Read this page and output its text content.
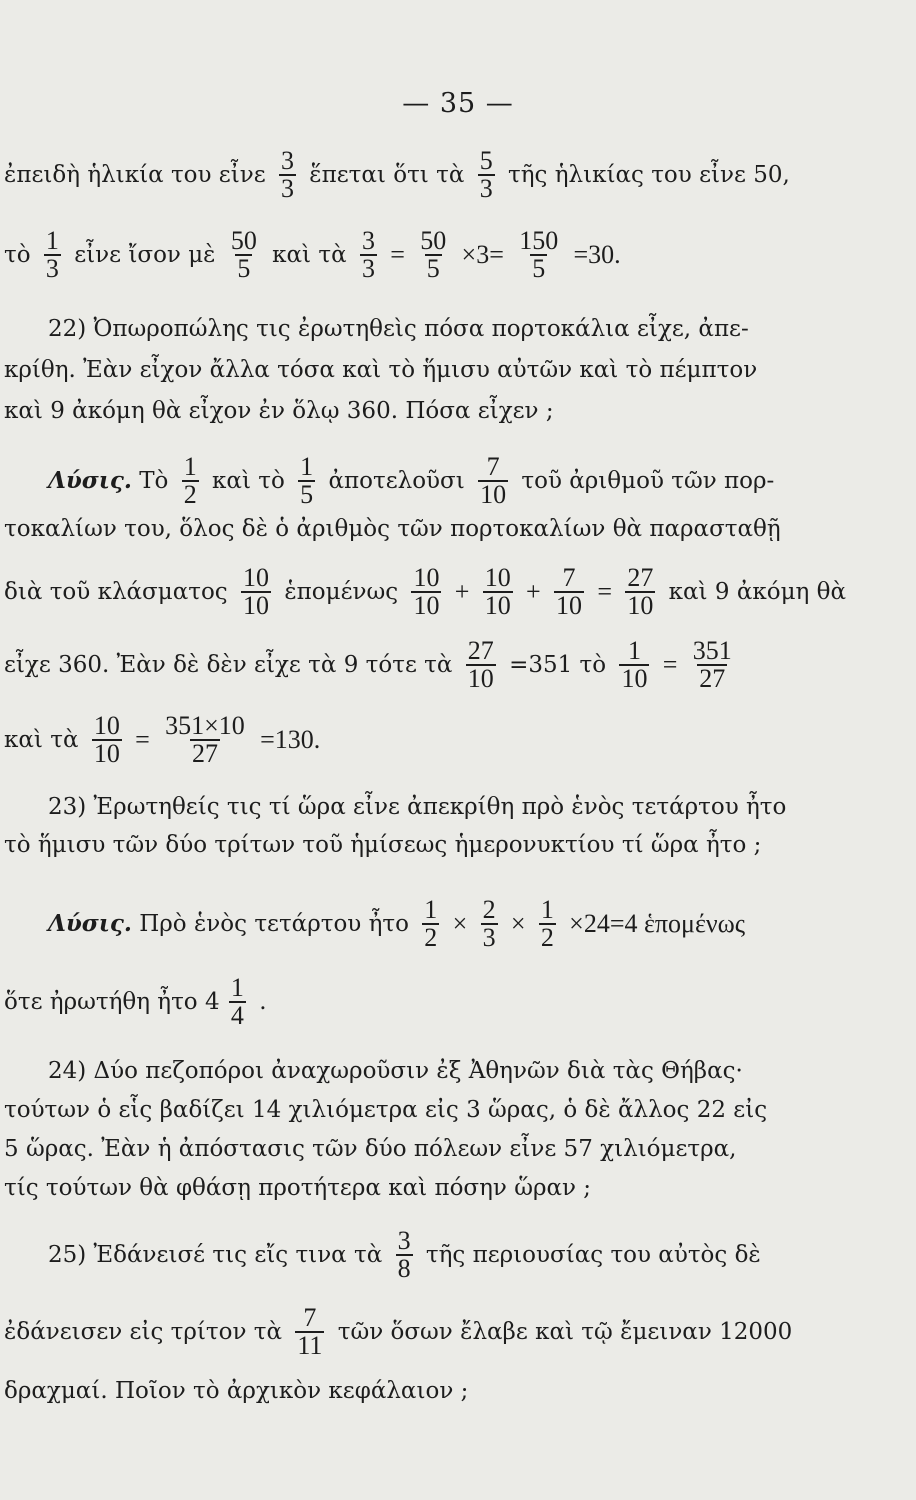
— 35 —
ἐπειδὴ ἡλικία του εἶνε $\frac{3}{3}$ ἕπεται ὅτι τὰ $\frac{5}{3}$ τῆς ἡλικίας του εἶνε 50,
τὸ $\frac{1}{3}$ εἶνε ἴσον μὲ $\frac{50}{5}$ καὶ τὰ $\frac{3}{3} = \frac{50}{5} \times 3= \frac{150}{5} =30$.
22) Ὀπωροπώλης τις ἐρωτηθεὶς πόσα πορτοκάλια εἶχε, ἀπε-
κρίθη. Ἐὰν εἶχον ἄλλα τόσα καὶ τὸ ἥμισυ αὐτῶν καὶ τὸ πέμπτον
καὶ 9 ἀκόμη θὰ εἶχον ἐν ὅλῳ 360. Πόσα εἶχεν ;
Λύσις. Τὸ $\frac{1}{2}$ καὶ τὸ $\frac{1}{5}$ ἀποτελοῦσι $\frac{7}{10}$ τοῦ ἀριθμοῦ τῶν πορ-
τοκαλίων του, ὅλος δὲ ὁ ἀριθμὸς τῶν πορτοκαλίων θὰ παρασταθῇ
διὰ τοῦ κλάσματος $\frac{10}{10}$ ἑπομένως $\frac{10}{10} + \frac{10}{10} + \frac{7}{10} = \frac{27}{10}$ καὶ 9 ἀκόμη θὰ
εἶχε 360. Ἐὰν δὲ δὲν εἶχε τὰ 9 τότε τὰ $\frac{27}{10} =351$ τὸ $\frac{1}{10} = \frac{351}{27}$
καὶ τὰ $\frac{10}{10} = \frac{351\times 10}{27} =130$.
23) Ἐρωτηθείς τις τί ὥρα εἶνε ἀπεκρίθη πρὸ ἑνὸς τετάρτου ἦτο
τὸ ἥμισυ τῶν δύο τρίτων τοῦ ἡμίσεως ἡμερονυκτίου τί ὥρα ἦτο ;
Λύσις. Πρὸ ἑνὸς τετάρτου ἦτο $\frac{1}{2} \times \frac{2}{3} \times \frac{1}{2} \times 24=4$ ἑπομένως
ὅτε ἠρωτήθη ἦτο $4 \frac{1}{4}$ .
24) Δύο πεζοπόροι ἀναχωροῦσιν ἐξ Ἀθηνῶν διὰ τὰς Θήβας·
τούτων ὁ εἷς βαδίζει 14 χιλιόμετρα εἰς 3 ὥρας, ὁ δὲ ἄλλος 22 εἰς
5 ὥρας. Ἐὰν ἡ ἀπόστασις τῶν δύο πόλεων εἶνε 57 χιλιόμετρα,
τίς τούτων θὰ φθάσῃ προτήτερα καὶ πόσην ὥραν ;
25) Ἐδάνεισέ τις εἴς τινα τὰ $\frac{3}{8}$ τῆς περιουσίας του αὐτὸς δὲ
ἐδάνεισεν εἰς τρίτον τὰ $\frac{7}{11}$ τῶν ὅσων ἔλαβε καὶ τῷ ἔμειναν 12000
δραχμαί. Ποῖον τὸ ἀρχικὸν κεφάλαιον ;
